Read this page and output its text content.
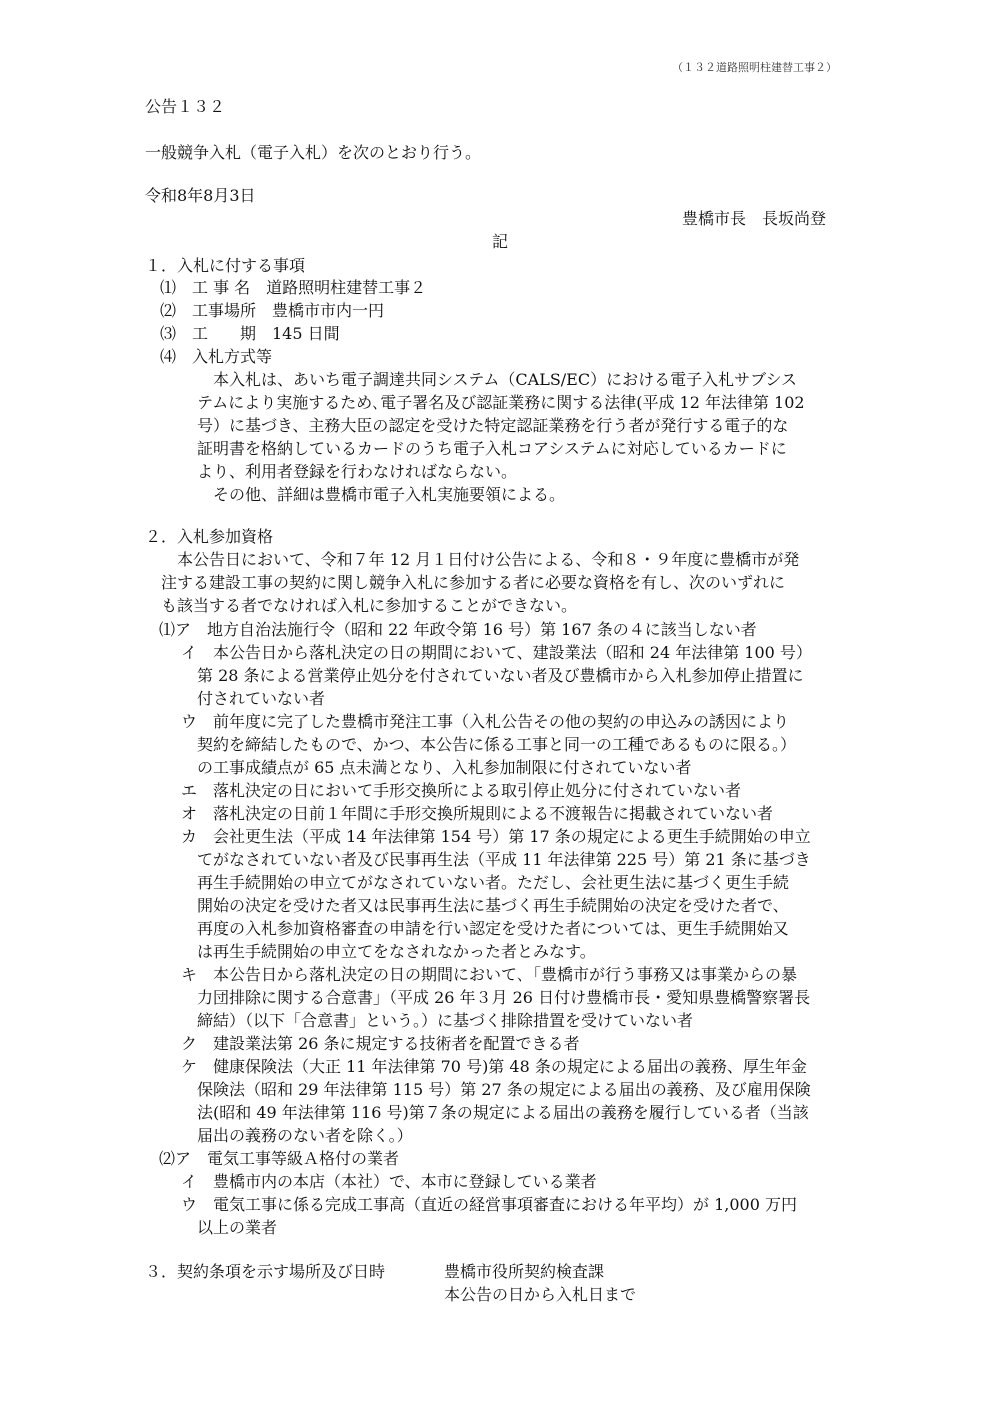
（１３２道路照明柱建替工事２）
公告１３２
一般競争入札（電子入札）を次のとおり行う。
令和8年8月3日
豊橋市長　長坂尚登
記
１．入札に付する事項
⑴　工 事 名　道路照明柱建替工事２
⑵　工事場所　豊橋市市内一円
⑶　工　　期　145 日間
⑷　入札方式等
本入札は、あいち電子調達共同システム（CALS/EC）における電子入札サブシス
テムにより実施するため､電子署名及び認証業務に関する法律(平成 12 年法律第 102
号）に基づき、主務大臣の認定を受けた特定認証業務を行う者が発行する電子的な
証明書を格納しているカードのうち電子入札コアシステムに対応しているカードに
より、利用者登録を行わなければならない。
その他、詳細は豊橋市電子入札実施要領による。
２．入札参加資格
本公告日において、令和７年 12 月１日付け公告による、令和８・９年度に豊橋市が発
注する建設工事の契約に関し競争入札に参加する者に必要な資格を有し、次のいずれに
も該当する者でなければ入札に参加することができない。
⑴ア　地方自治法施行令（昭和 22 年政令第 16 号）第 167 条の４に該当しない者
イ　本公告日から落札決定の日の期間において、建設業法（昭和 24 年法律第 100 号）
第 28 条による営業停止処分を付されていない者及び豊橋市から入札参加停止措置に
付されていない者
ウ　前年度に完了した豊橋市発注工事（入札公告その他の契約の申込みの誘因により
契約を締結したもので、かつ、本公告に係る工事と同一の工種であるものに限る。）
の工事成績点が 65 点未満となり、入札参加制限に付されていない者
エ　落札決定の日において手形交換所による取引停止処分に付されていない者
オ　落札決定の日前１年間に手形交換所規則による不渡報告に掲載されていない者
カ　会社更生法（平成 14 年法律第 154 号）第 17 条の規定による更生手続開始の申立
てがなされていない者及び民事再生法（平成 11 年法律第 225 号）第 21 条に基づき
再生手続開始の申立てがなされていない者。ただし、会社更生法に基づく更生手続
開始の決定を受けた者又は民事再生法に基づく再生手続開始の決定を受けた者で、
再度の入札参加資格審査の申請を行い認定を受けた者については、更生手続開始又
は再生手続開始の申立てをなされなかった者とみなす。
キ　本公告日から落札決定の日の期間において､「豊橋市が行う事務又は事業からの暴
力団排除に関する合意書｣（平成 26 年３月 26 日付け豊橋市長・愛知県豊橋警察署長
締結）（以下「合意書」という。）に基づく排除措置を受けていない者
ク　建設業法第 26 条に規定する技術者を配置できる者
ケ　健康保険法（大正 11 年法律第 70 号)第 48 条の規定による届出の義務、厚生年金
保険法（昭和 29 年法律第 115 号）第 27 条の規定による届出の義務、及び雇用保険
法(昭和 49 年法律第 116 号)第７条の規定による届出の義務を履行している者（当該
届出の義務のない者を除く。）
⑵ア　電気工事等級Ａ格付の業者
イ　豊橋市内の本店（本社）で、本市に登録している業者
ウ　電気工事に係る完成工事高（直近の経営事項審査における年平均）が 1,000 万円
以上の業者
３．契約条項を示す場所及び日時	豊橋市役所契約検査課
本公告の日から入札日まで
